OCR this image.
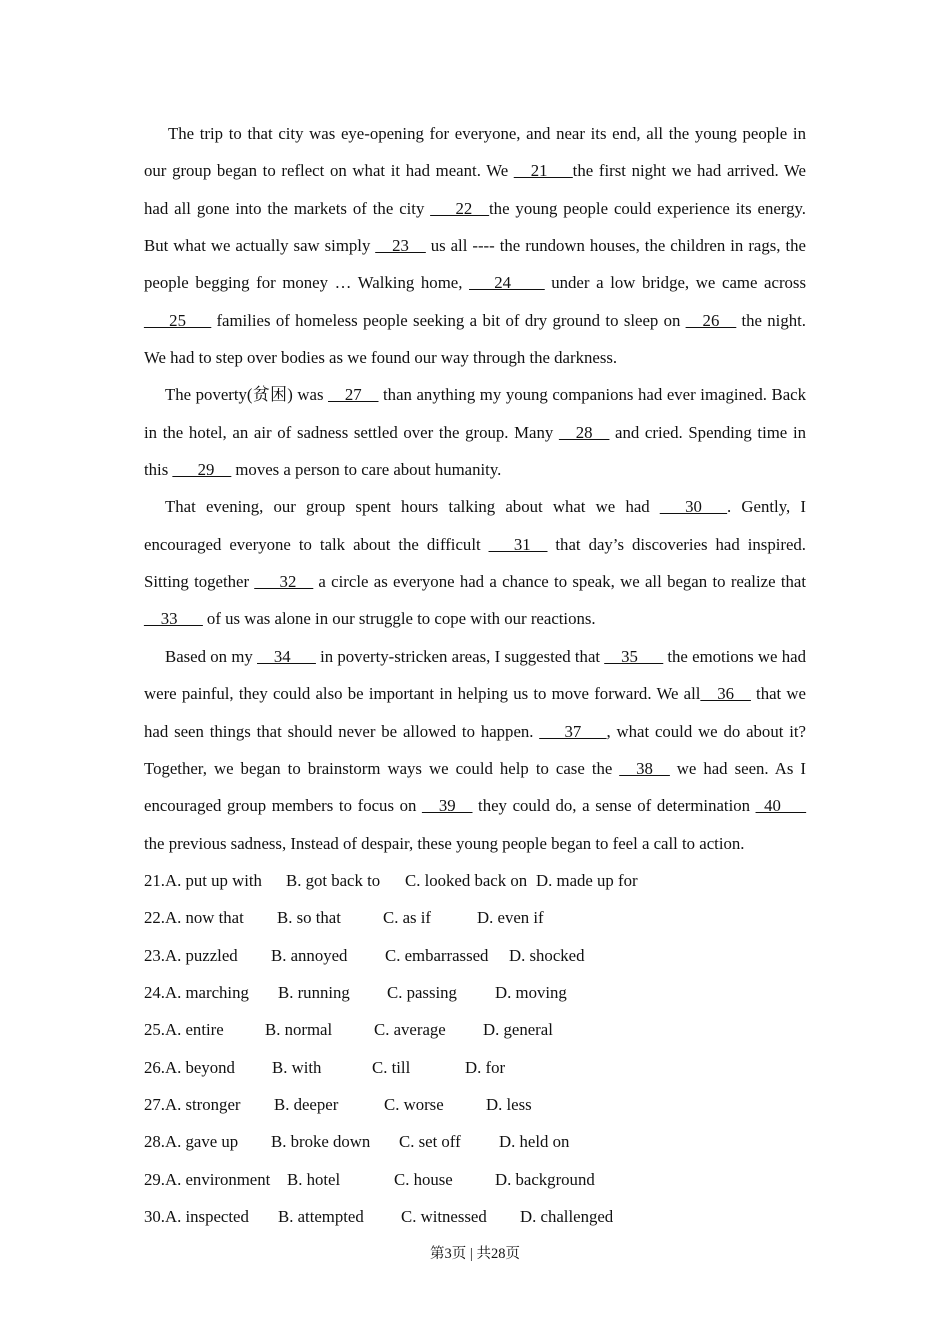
The trip to that city was eye-opening for everyone, and near its end, all the young people in
our group began to reflect on what it had meant. We __21___the first night we had arrived. We
had all gone into the markets of the city ___22__the young people could experience its energy.
But what we actually saw simply __23__ us all ---- the rundown houses, the children in rags, the
people begging for money … Walking home, ___24____ under a low bridge, we came across
___25___ families of homeless people seeking a bit of dry ground to sleep on __26__ the night.
We had to step over bodies as we found our way through the darkness.
The poverty(贫困) was __27__ than anything my young companions had ever imagined. Back
in the hotel, an air of sadness settled over the group. Many __28__ and cried. Spending time in
this ___29__ moves a person to care about humanity.
That evening, our group spent hours talking about what we had ___30___. Gently, I
encouraged everyone to talk about the difficult ___31__ that day’s discoveries had inspired.
Sitting together ___32__ a circle as everyone had a chance to speak, we all began to realize that
__33___ of us was alone in our struggle to cope with our reactions.
Based on my __34___ in poverty-stricken areas, I suggested that __35___ the emotions we had
were painful, they could also be important in helping us to move forward. We all__36__ that we
had seen things that should never be allowed to happen. ___37___, what could we do about it?
Together, we began to brainstorm ways we could help to case the __38__ we had seen. As I
encouraged group members to focus on __39__ they could do, a sense of determination _40___
the previous sadness, Instead of despair, these young people began to feel a call to action.
21.A. put up with B. got back to C. looked back on D. made up for
22.A. now that B. so that	C. as if	D. even if
23.A. puzzled B. annoyed C. embarrassed D. shocked
24.A. marching B. running C. passing D. moving
25.A. entire B. normal C. average D. general
26.A. beyond B. with	C. till	D. for
27.A. stronger B. deeper	C. worse	D. less
28.A. gave up B. broke down C. set off D. held on
29.A. environment B. hotel	C. house	D. background
30.A. inspected B. attempted C. witnessed D. challenged
第3页 | 共28页
